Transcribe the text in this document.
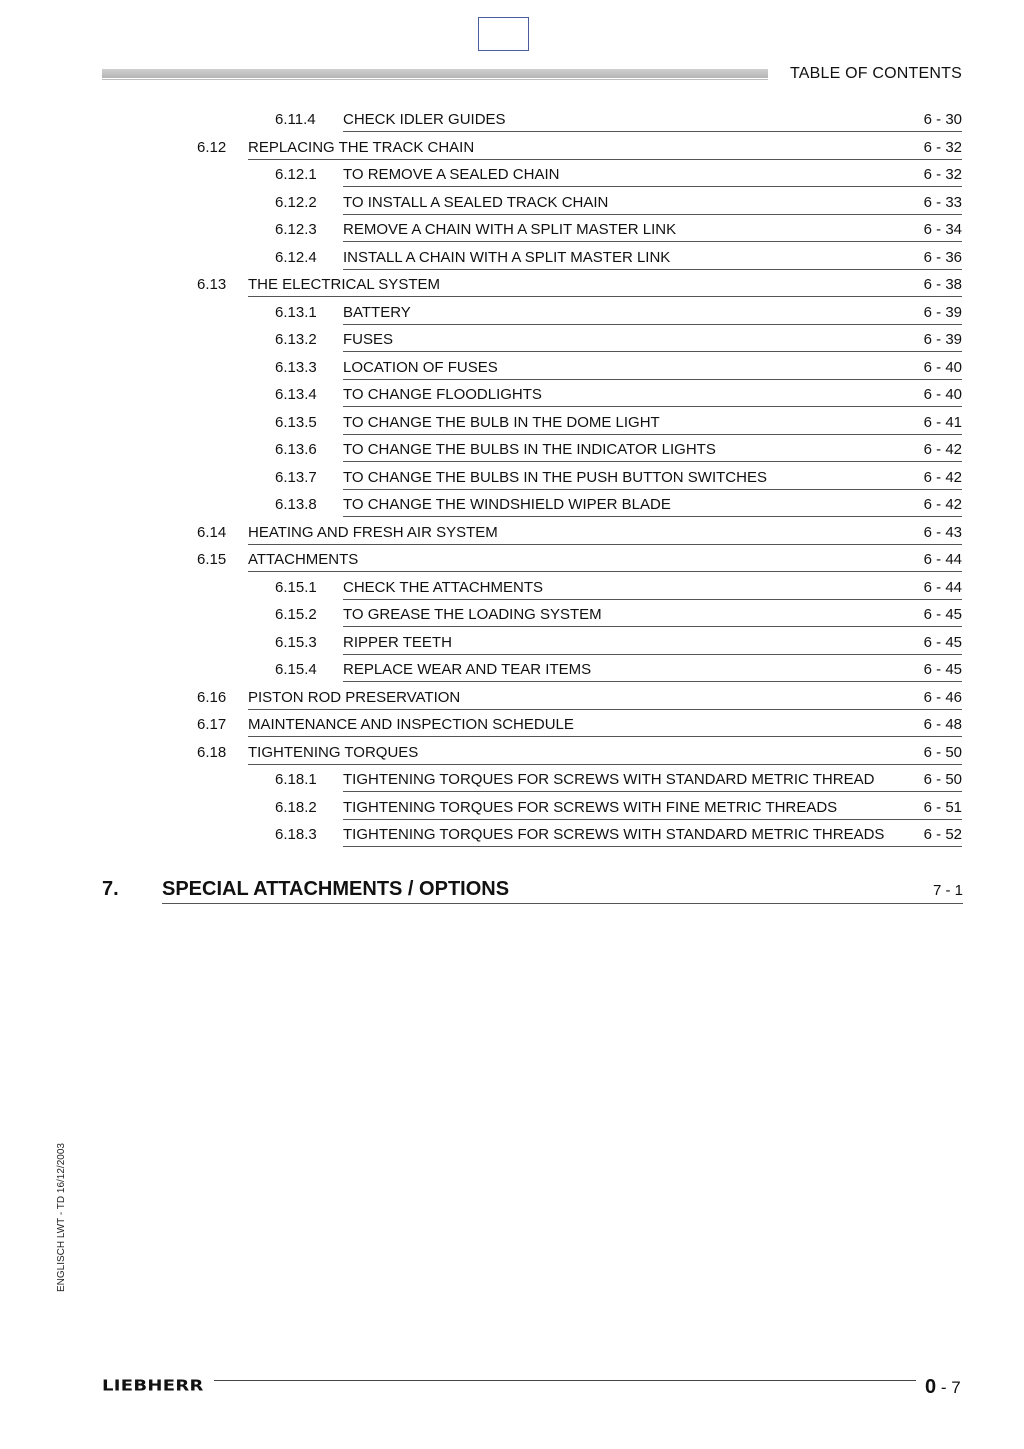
TABLE OF CONTENTS
6.11.4 CHECK IDLER GUIDES	6 - 30
6.12 REPLACING THE TRACK CHAIN	6 - 32
6.12.1 TO REMOVE A SEALED CHAIN	6 - 32
6.12.2 TO INSTALL A SEALED TRACK CHAIN	6 - 33
6.12.3 REMOVE A CHAIN WITH A SPLIT MASTER LINK	6 - 34
6.12.4 INSTALL A CHAIN WITH A SPLIT MASTER LINK	6 - 36
6.13 THE ELECTRICAL SYSTEM	6 - 38
6.13.1 BATTERY	6 - 39
6.13.2 FUSES	6 - 39
6.13.3 LOCATION OF FUSES	6 - 40
6.13.4 TO CHANGE FLOODLIGHTS	6 - 40
6.13.5 TO CHANGE THE BULB IN THE DOME LIGHT	6 - 41
6.13.6 TO CHANGE THE BULBS IN THE INDICATOR LIGHTS	6 - 42
6.13.7 TO CHANGE THE BULBS IN THE PUSH BUTTON SWITCHES	6 - 42
6.13.8 TO CHANGE THE WINDSHIELD WIPER BLADE	6 - 42
6.14 HEATING AND FRESH AIR SYSTEM	6 - 43
6.15 ATTACHMENTS	6 - 44
6.15.1 CHECK THE ATTACHMENTS	6 - 44
6.15.2 TO GREASE THE LOADING SYSTEM	6 - 45
6.15.3 RIPPER TEETH	6 - 45
6.15.4 REPLACE WEAR AND TEAR ITEMS	6 - 45
6.16 PISTON ROD PRESERVATION	6 - 46
6.17 MAINTENANCE AND INSPECTION SCHEDULE	6 - 48
6.18 TIGHTENING TORQUES	6 - 50
6.18.1 TIGHTENING TORQUES FOR SCREWS WITH STANDARD METRIC THREAD	6 - 50
6.18.2 TIGHTENING TORQUES FOR SCREWS WITH FINE METRIC THREADS	6 - 51
6.18.3 TIGHTENING TORQUES FOR SCREWS WITH STANDARD METRIC THREADS	6 - 52
7. SPECIAL ATTACHMENTS / OPTIONS	7 - 1
ENGLISCH LWT - TD 16/12/2003
LIEBHERR	0 - 7
